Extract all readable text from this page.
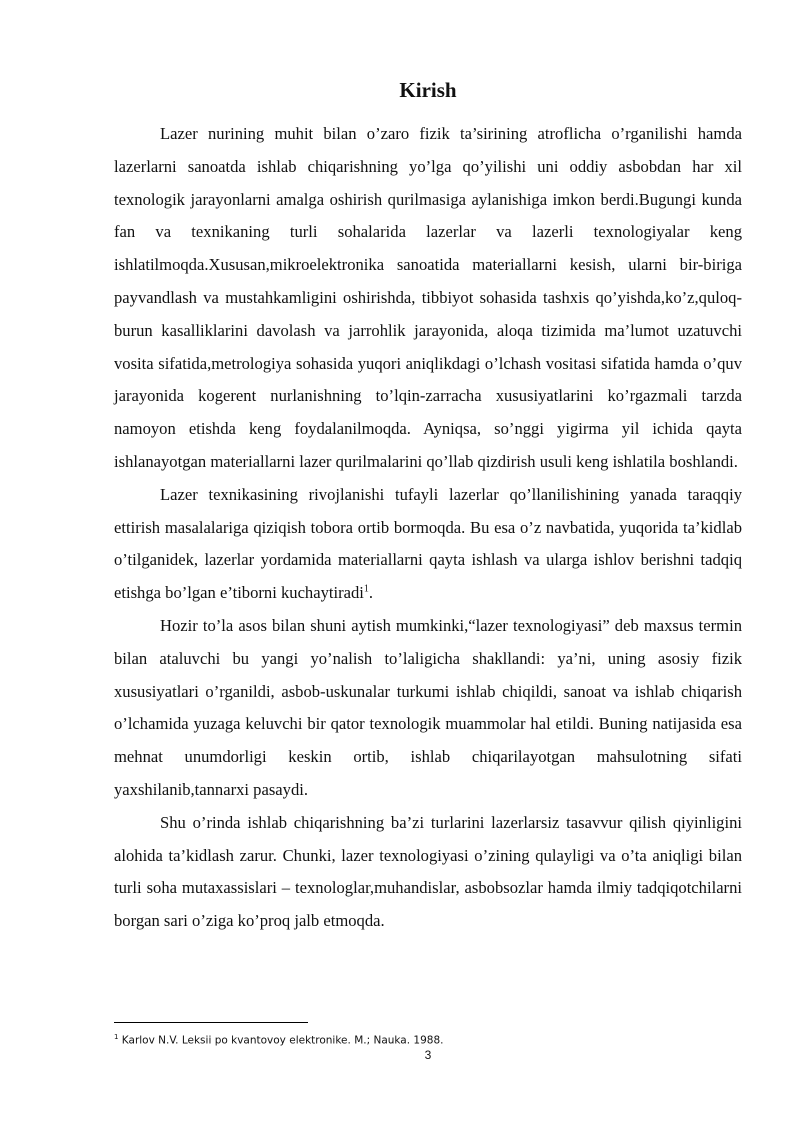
Kirish

Lazer nurining muhit bilan o’zaro fizik ta’sirining atroflicha o’rganilishi hamda lazerlarni sanoatda ishlab chiqarishning yo’lga qo’yilishi uni oddiy asbobdan har xil texnologik jarayonlarni amalga oshirish qurilmasiga aylanishiga imkon berdi.Bugungi kunda fan va texnikaning turli sohalarida lazerlar va lazerli texnologiyalar keng ishlatilmoqda.Xususan,mikroelektronika sanoatida materiallarni kesish, ularni bir-biriga payvandlash va mustahkamligini oshirishda, tibbiyot sohasida tashxis qo’yishda,ko’z,quloq-burun kasalliklarini davolash va jarrohlik jarayonida, aloqa tizimida ma’lumot uzatuvchi vosita sifatida,metrologiya sohasida yuqori aniqlikdagi o’lchash vositasi sifatida hamda o’quv jarayonida kogerent nurlanishning to’lqin-zarracha xususiyatlarini ko’rgazmali tarzda namoyon etishda keng foydalanilmoqda. Ayniqsa, so’nggi yigirma yil ichida qayta ishlanayotgan materiallarni lazer qurilmalarini qo’llab qizdirish usuli keng ishlatila boshlandi.

Lazer texnikasining rivojlanishi tufayli lazerlar qo’llanilishining yanada taraqqiy ettirish masalalariga qiziqish tobora ortib bormoqda. Bu esa o’z navbatida, yuqorida ta’kidlab o’tilganidek, lazerlar yordamida materiallarni qayta ishlash va ularga ishlov berishni tadqiq etishga bo’lgan e’tiborni kuchaytiradi$^1$.

Hozir to’la asos bilan shuni aytish mumkinki,“lazer texnologiyasi” deb maxsus termin bilan ataluvchi bu yangi yo’nalish to’laligicha shakllandi: ya’ni, uning asosiy fizik xususiyatlari o’rganildi, asbob-uskunalar turkumi ishlab chiqildi, sanoat va ishlab chiqarish o’lchamida yuzaga keluvchi bir qator texnologik muammolar hal etildi. Buning natijasida esa mehnat unumdorligi keskin ortib, ishlab chiqarilayotgan mahsulotning sifati yaxshilanib,tannarxi pasaydi.

Shu o’rinda ishlab chiqarishning ba’zi turlarini lazerlarsiz tasavvur qilish qiyinligini alohida ta’kidlash zarur. Chunki, lazer texnologiyasi o’zining qulayligi va o’ta aniqligi bilan turli soha mutaxassislari – texnologlar,muhandislar, asbobsozlar hamda ilmiy tadqiqotchilarni borgan sari o’ziga ko’proq jalb etmoqda.

$^1$ Karlov N.V. Leksii po kvantovoy elektronike. M.; Nauka. 1988.
3
